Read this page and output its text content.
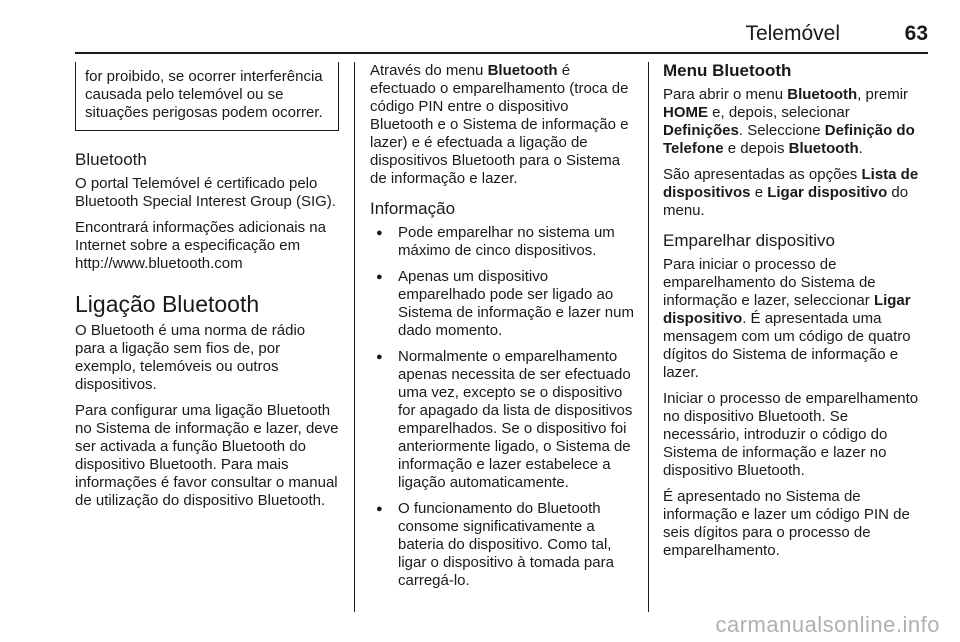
Telemóvel	63
for proibido, se ocorrer interferência causada pelo telemóvel ou se situações perigosas podem ocorrer.
Bluetooth

O portal Telemóvel é certificado pelo Bluetooth Special Interest Group (SIG).

Encontrará informações adicionais na Internet sobre a especificação em http://www.bluetooth.com

Ligação Bluetooth

O Bluetooth é uma norma de rádio para a ligação sem fios de, por exemplo, telemóveis ou outros dispositivos.

Para configurar uma ligação Bluetooth no Sistema de informação e lazer, deve ser activada a função Bluetooth do dispositivo Bluetooth. Para mais informações é favor consultar o manual de utilização do dispositivo Bluetooth.

Através do menu Bluetooth é efectuado o emparelhamento (troca de código PIN entre o dispositivo Bluetooth e o Sistema de informação e lazer) e é efectuada a ligação de dispositivos Bluetooth para o Sistema de informação e lazer.

Informação
● Pode emparelhar no sistema um máximo de cinco dispositivos.
● Apenas um dispositivo emparelhado pode ser ligado ao Sistema de informação e lazer num dado momento.
● Normalmente o emparelhamento apenas necessita de ser efectuado uma vez, excepto se o dispositivo for apagado da lista de dispositivos emparelhados. Se o dispositivo foi anteriormente ligado, o Sistema de informação e lazer estabelece a ligação automaticamente.
● O funcionamento do Bluetooth consome significativamente a bateria do dispositivo. Como tal, ligar o dispositivo à tomada para carregá-lo.
Menu Bluetooth

Para abrir o menu Bluetooth, premir HOME e, depois, selecionar Definições. Seleccione Definição do Telefone e depois Bluetooth.

São apresentadas as opções Lista de dispositivos e Ligar dispositivo do menu.

Emparelhar dispositivo

Para iniciar o processo de emparelhamento do Sistema de informação e lazer, seleccionar Ligar dispositivo. É apresentada uma mensagem com um código de quatro dígitos do Sistema de informação e lazer.

Iniciar o processo de emparelhamento no dispositivo Bluetooth. Se necessário, introduzir o código do Sistema de informação e lazer no dispositivo Bluetooth.

É apresentado no Sistema de informação e lazer um código PIN de seis dígitos para o processo de emparelhamento.

carmanualsonline.info
